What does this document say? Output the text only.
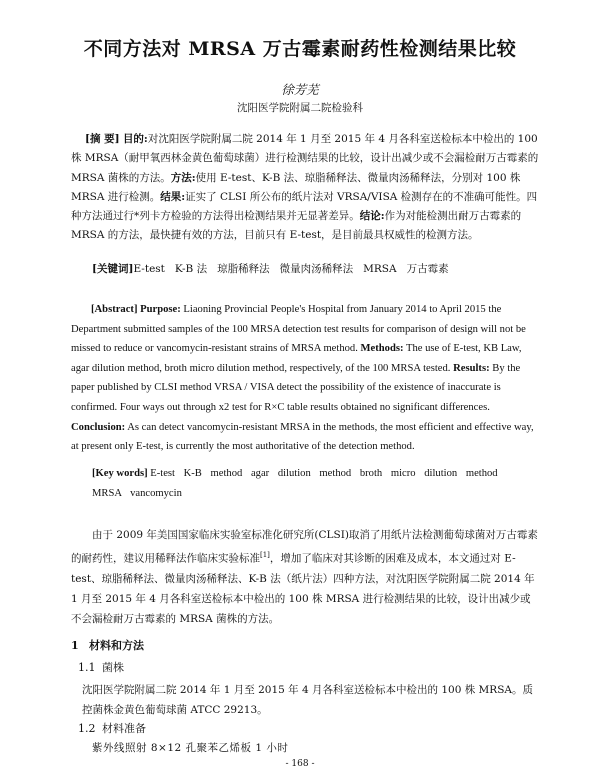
不同方法对 MRSA 万古霉素耐药性检测结果比较
徐芳芜
沈阳医学院附属二院检验科
[摘 要] 目的:对沈阳医学院附属二院 2014 年 1 月至 2015 年 4 月各科室送检标本中检出的 100 株 MRSA（耐甲氧西林金黄色葡萄球菌）进行检测结果的比较，设计出减少或不会漏检耐万古霉素的 MRSA 菌株的方法。方法:使用 E-test、K-B 法、琼脂稀释法、微量肉汤稀释法，分别对 100 株 MRSA 进行检测。结果:证实了 CLSI 所公布的纸片法对 VRSA/VISA 检测存在的不准确可能性。四种方法通过行*列卡方检验的方法得出检测结果并无显著差异。结论:作为对能检测出耐万古霉素的 MRSA 的方法，最快捷有效的方法，目前只有 E-test，是目前最具权威性的检测方法。
[关键词]E-test   K-B 法   琼脂稀释法   微量肉汤稀释法   MRSA   万古霉素
[Abstract] Purpose: Liaoning Provincial People's Hospital from January 2014 to April 2015 the Department submitted samples of the 100 MRSA detection test results for comparison of design will not be missed to reduce or vancomycin-resistant strains of MRSA method. Methods: The use of E-test, KB Law, agar dilution method, broth micro dilution method, respectively, of the 100 MRSA tested. Results: By the paper published by CLSI method VRSA / VISA detect the possibility of the existence of inaccurate is confirmed. Four ways out through x2 test for R×C table results obtained no significant differences. Conclusion: As can detect vancomycin-resistant MRSA in the methods, the most efficient and effective way, at present only E-test, is currently the most authoritative of the detection method.
[Key words] E-test K-B method agar dilution method broth micro dilution method MRSA vancomycin
由于 2009 年美国国家临床实验室标准化研究所(CLSI)取消了用纸片法检测葡萄球菌对万古霉素的耐药性，建议用稀释法作临床实验标准[1]，增加了临床对其诊断的困难及成本，本文通过对 E-test、琼脂稀释法、微量肉汤稀释法、K-B 法（纸片法）四种方法，对沈阳医学院附属二院 2014 年 1 月至 2015 年 4 月各科室送检标本中检出的 100 株 MRSA 进行检测结果的比较，设计出减少或不会漏检耐万古霉素的 MRSA 菌株的方法。
1 材料和方法
1.1 菌株
沈阳医学院附属二院 2014 年 1 月至 2015 年 4 月各科室送检标本中检出的 100 株 MRSA。质控菌株金黄色葡萄球菌 ATCC 29213。
1.2 材料准备
紫外线照射 8×12 孔聚苯乙烯板 1 小时
- 168 -
